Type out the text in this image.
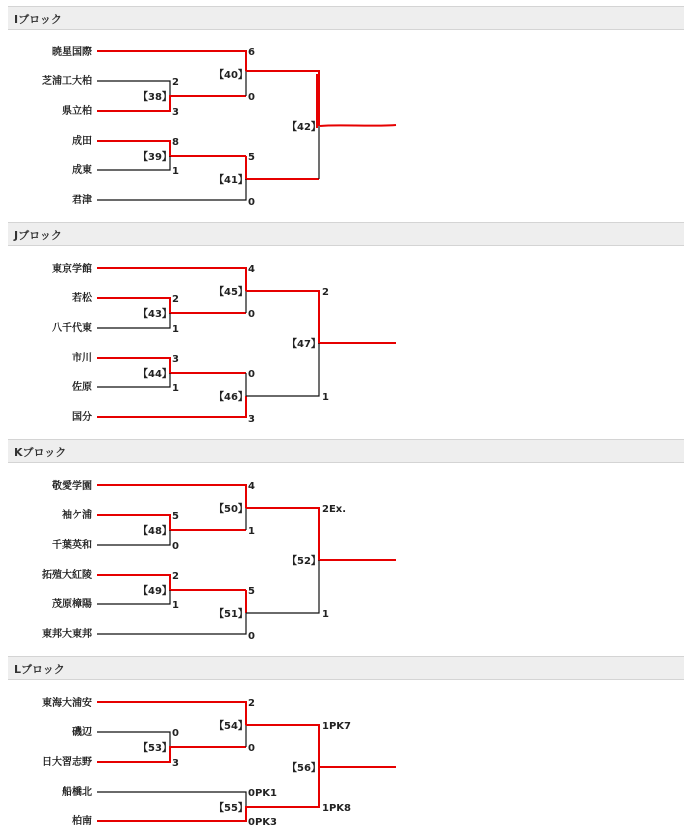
Iブロック
暁星国際
芝浦工大柏
県立柏
成田
成東
君津
6
0
2
3
8
1
5
0
【40】
【38】
【39】
【41】
【42】
Jブロック
東京学館
若松
八千代東
市川
佐原
国分
4
0
2
1
3
1
0
3
2
1
【45】
【43】
【44】
【46】
【47】
Kブロック
敬愛学園
袖ケ浦
千葉英和
拓殖大紅陵
茂原樟陽
東邦大東邦
4
1
5
0
2
1
5
0
2Ex.
1
【50】
【48】
【49】
【51】
【52】
Lブロック
東海大浦安
磯辺
日大習志野
船橋北
柏南
2
0
0
3
0PK1
0PK3
1PK7
1PK8
【54】
【53】
【55】
【56】
